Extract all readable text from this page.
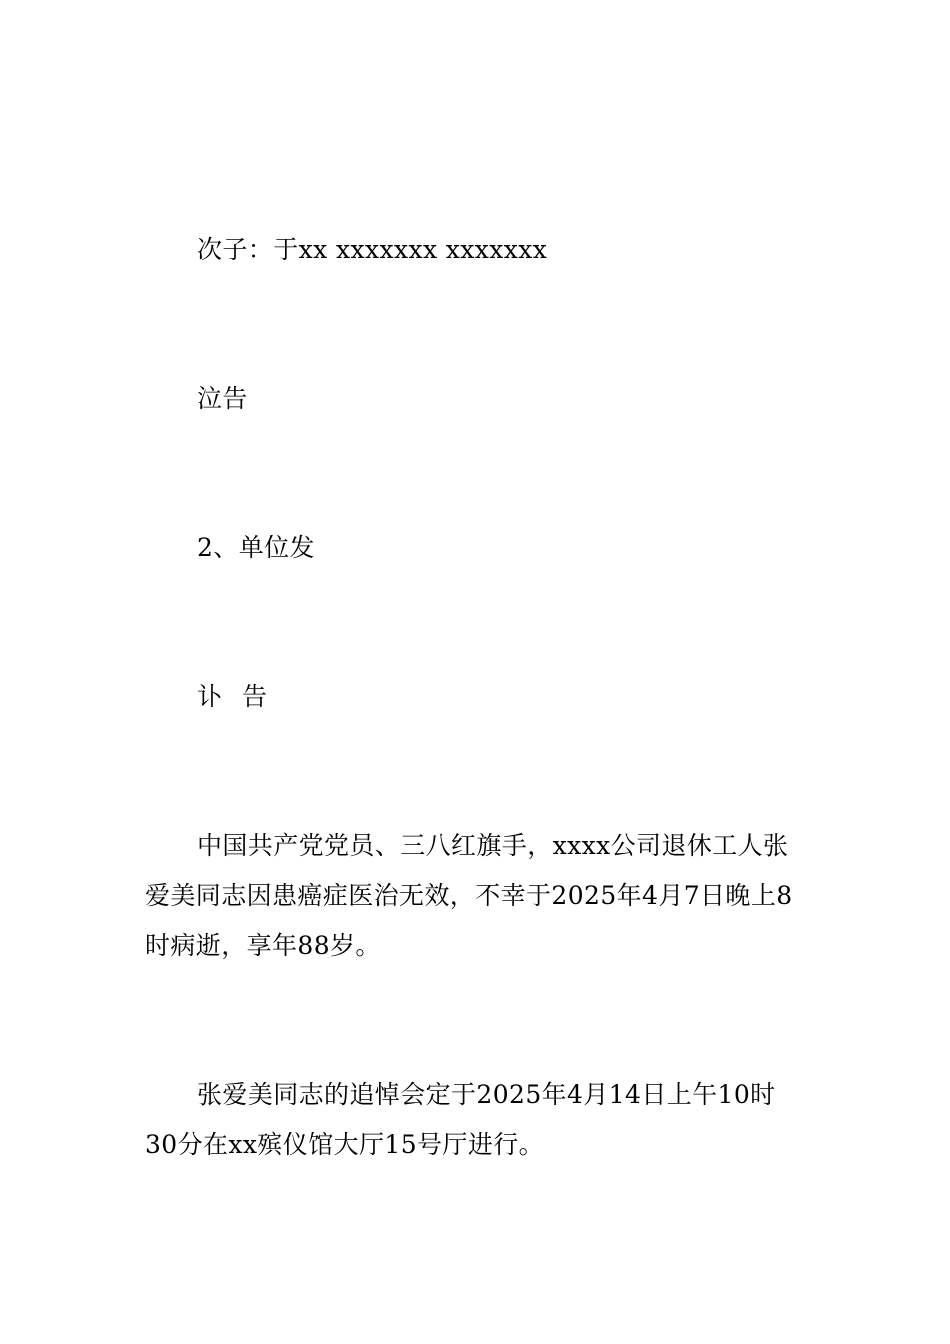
次子：于xx xxxxxxx xxxxxxx

泣告

2、单位发

讣 告

中国共产党党员、三八红旗手，xxxx公司退休工人张

爱美同志因患癌症医治无效，不幸于2025年4月7日晚上8

时病逝，享年88岁。

张爱美同志的追悼会定于2025年4月14日上午10时

30分在xx殡仪馆大厅15号厅进行。
